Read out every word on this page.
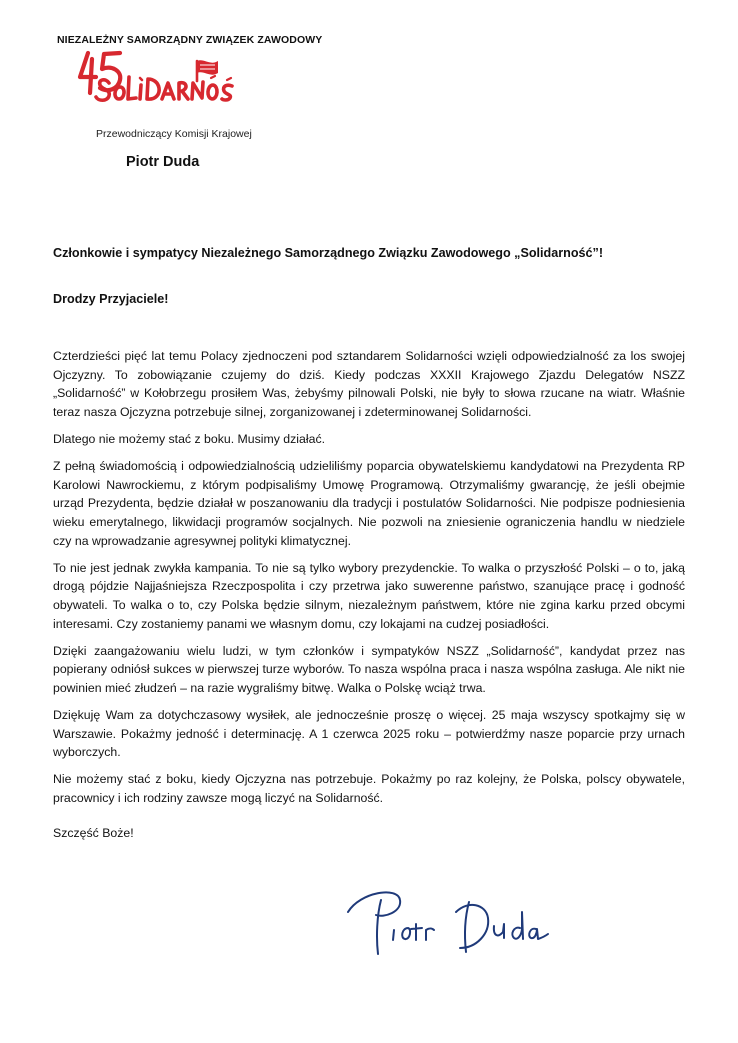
NIEZALEŻNY SAMORZĄDNY ZWIĄZEK ZAWODOWY
Przewodniczący Komisji Krajowej
Piotr Duda
Członkowie i sympatycy Niezależnego Samorządnego Związku Zawodowego „Solidarność”!
Drodzy Przyjaciele!

Czterdzieści pięć lat temu Polacy zjednoczeni pod sztandarem Solidarności wzięli odpowiedzialność za los swojej Ojczyzny. To zobowiązanie czujemy do dziś. Kiedy podczas XXXII Krajowego Zjazdu Delegatów NSZZ „Solidarność” w Kołobrzegu prosiłem Was, żebyśmy pilnowali Polski, nie były to słowa rzucane na wiatr. Właśnie teraz nasza Ojczyzna potrzebuje silnej, zorganizowanej i zdeterminowanej Solidarności.

Dlatego nie możemy stać z boku. Musimy działać.

Z pełną świadomością i odpowiedzialnością udzieliliśmy poparcia obywatelskiemu kandydatowi na Prezydenta RP Karolowi Nawrockiemu, z którym podpisaliśmy Umowę Programową. Otrzymaliśmy gwarancję, że jeśli obejmie urząd Prezydenta, będzie działał w poszanowaniu dla tradycji i postulatów Solidarności. Nie podpisze podniesienia wieku emerytalnego, likwidacji programów socjalnych. Nie pozwoli na zniesienie ograniczenia handlu w niedziele czy na wprowadzanie agresywnej polityki klimatycznej.

To nie jest jednak zwykła kampania. To nie są tylko wybory prezydenckie. To walka o przyszłość Polski – o to, jaką drogą pójdzie Najjaśniejsza Rzeczpospolita i czy przetrwa jako suwerenne państwo, szanujące pracę i godność obywateli. To walka o to, czy Polska będzie silnym, niezależnym państwem, które nie zgina karku przed obcymi interesami. Czy zostaniemy panami we własnym domu, czy lokajami na cudzej posiadłości.

Dzięki zaangażowaniu wielu ludzi, w tym członków i sympatyków NSZZ „Solidarność”, kandydat przez nas popierany odniósł sukces w pierwszej turze wyborów. To nasza wspólna praca i nasza wspólna zasługa. Ale nikt nie powinien mieć złudzeń – na razie wygraliśmy bitwę. Walka o Polskę wciąż trwa.

Dziękuję Wam za dotychczasowy wysiłek, ale jednocześnie proszę o więcej. 25 maja wszyscy spotkajmy się w Warszawie. Pokażmy jedność i determinację. A 1 czerwca 2025 roku – potwierdźmy nasze poparcie przy urnach wyborczych.

Nie możemy stać z boku, kiedy Ojczyzna nas potrzebuje. Pokażmy po raz kolejny, że Polska, polscy obywatele, pracownicy i ich rodziny zawsze mogą liczyć na Solidarność.

Szczęść Boże!
